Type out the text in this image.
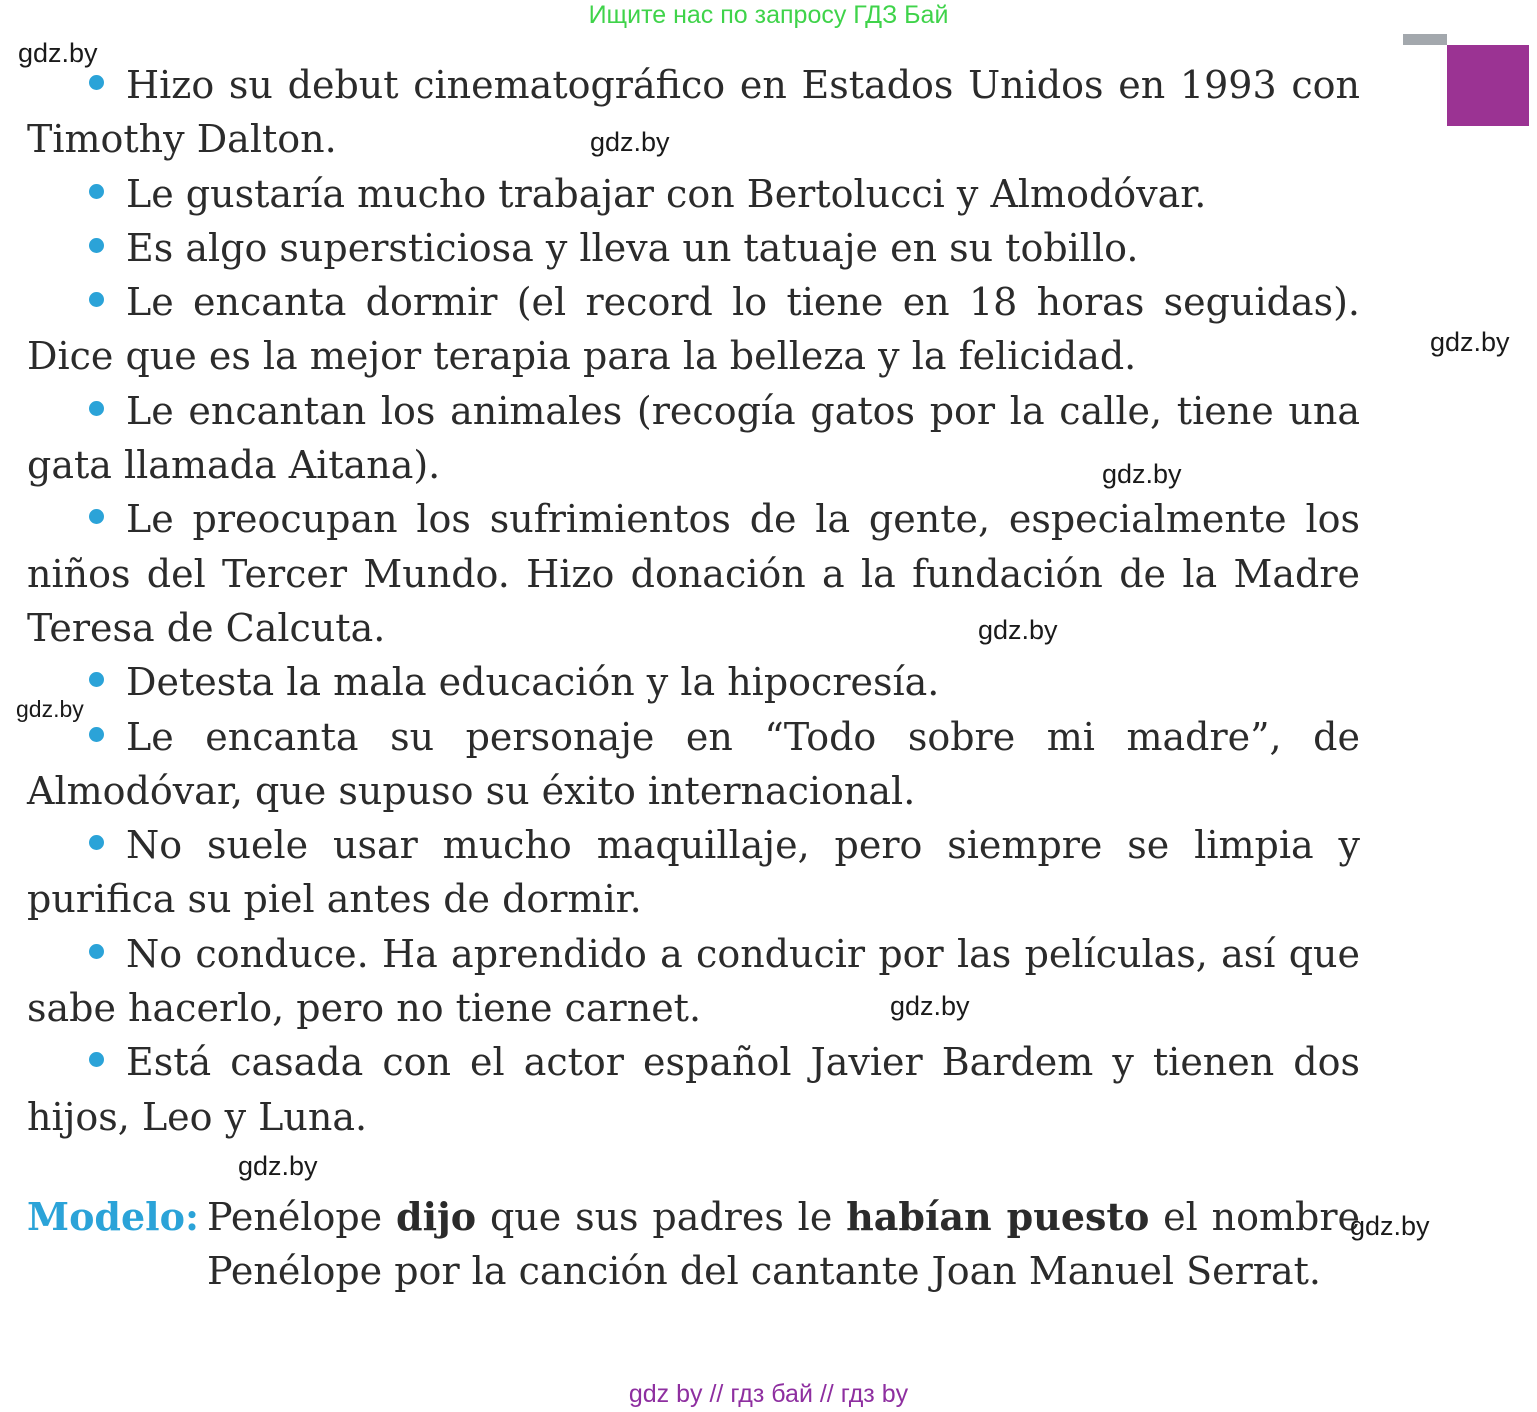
Ищите нас по запросу ГДЗ Бай

Hizo su debut cinematográfico en Estados Unidos en 1993 con Timothy Dalton.

Le gustaría mucho trabajar con Bertolucci y Almodóvar.

Es algo supersticiosa y lleva un tatuaje en su tobillo.

Le encanta dormir (el record lo tiene en 18 horas seguidas). Dice que es la mejor terapia para la belleza y la felicidad.

Le encantan los animales (recogía gatos por la calle, tiene una gata llamada Aitana).

Le preocupan los sufrimientos de la gente, especialmente los niños del Tercer Mundo. Hizo donación a la fundación de la Madre Teresa de Calcuta.

Detesta la mala educación y la hipocresía.

Le encanta su personaje en “Todo sobre mi madre”, de Almodóvar, que supuso su éxito internacional.

No suele usar mucho maquillaje, pero siempre se limpia y purifica su piel antes de dormir.

No conduce. Ha aprendido a conducir por las películas, así que sabe hacerlo, pero no tiene carnet.

Está casada con el actor español Javier Bardem y tienen dos hijos, Leo y Luna.

Modelo: Penélope dijo que sus padres le habían puesto el nombre Penélope por la canción del cantante Joan Manuel Serrat.
gdz.by
gdz.by
gdz.by
gdz.by
gdz.by
gdz.by
gdz.by
gdz.by
gdz.by
gdz by // гдз бай // гдз by
